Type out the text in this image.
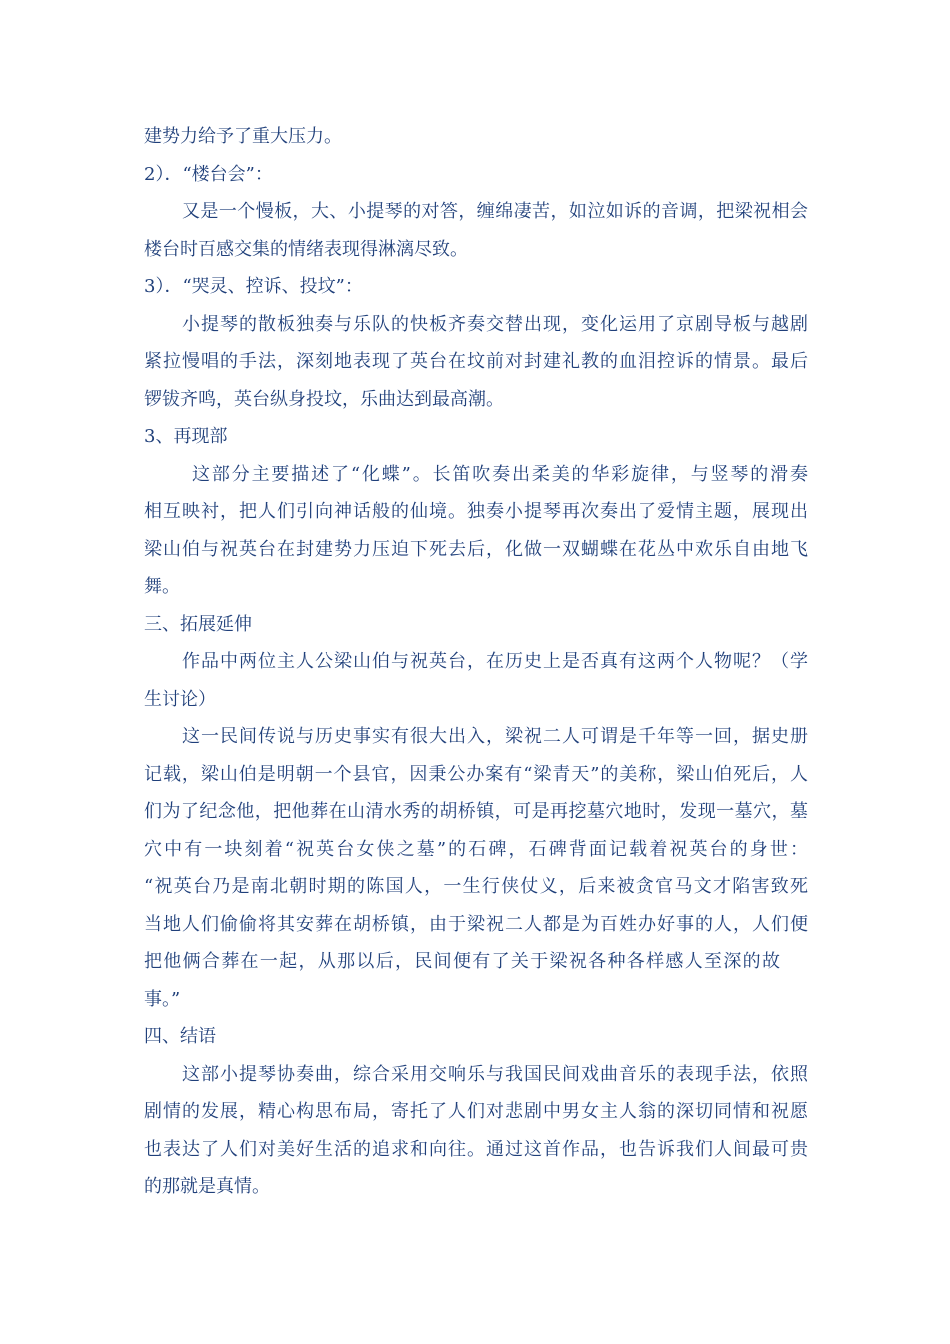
建势力给予了重大压力。
2）．“楼台会”：
又是一个慢板，大、小提琴的对答，缠绵凄苦，如泣如诉的音调，把梁祝相会
楼台时百感交集的情绪表现得淋漓尽致。
3）．“哭灵、控诉、投坟”：
小提琴的散板独奏与乐队的快板齐奏交替出现，变化运用了京剧导板与越剧
紧拉慢唱的手法，深刻地表现了英台在坟前对封建礼教的血泪控诉的情景。最后
锣钹齐鸣，英台纵身投坟，乐曲达到最高潮。
3、再现部
这部分主要描述了“化蝶”。长笛吹奏出柔美的华彩旋律，与竖琴的滑奏
相互映衬，把人们引向神话般的仙境。独奏小提琴再次奏出了爱情主题，展现出
梁山伯与祝英台在封建势力压迫下死去后，化做一双蝴蝶在花丛中欢乐自由地飞
舞。
三、拓展延伸
作品中两位主人公梁山伯与祝英台，在历史上是否真有这两个人物呢？（学
生讨论）
这一民间传说与历史事实有很大出入，梁祝二人可谓是千年等一回，据史册
记载，梁山伯是明朝一个县官，因秉公办案有“梁青天”的美称，梁山伯死后，人
们为了纪念他，把他葬在山清水秀的胡桥镇，可是再挖墓穴地时，发现一墓穴，墓
穴中有一块刻着“祝英台女侠之墓”的石碑，石碑背面记载着祝英台的身世：
“祝英台乃是南北朝时期的陈国人，一生行侠仗义，后来被贪官马文才陷害致死
当地人们偷偷将其安葬在胡桥镇，由于梁祝二人都是为百姓办好事的人，人们便
把他俩合葬在一起，从那以后，民间便有了关于梁祝各种各样感人至深的故
事。”
四、结语
这部小提琴协奏曲，综合采用交响乐与我国民间戏曲音乐的表现手法，依照
剧情的发展，精心构思布局，寄托了人们对悲剧中男女主人翁的深切同情和祝愿
也表达了人们对美好生活的追求和向往。通过这首作品，也告诉我们人间最可贵
的那就是真情。
